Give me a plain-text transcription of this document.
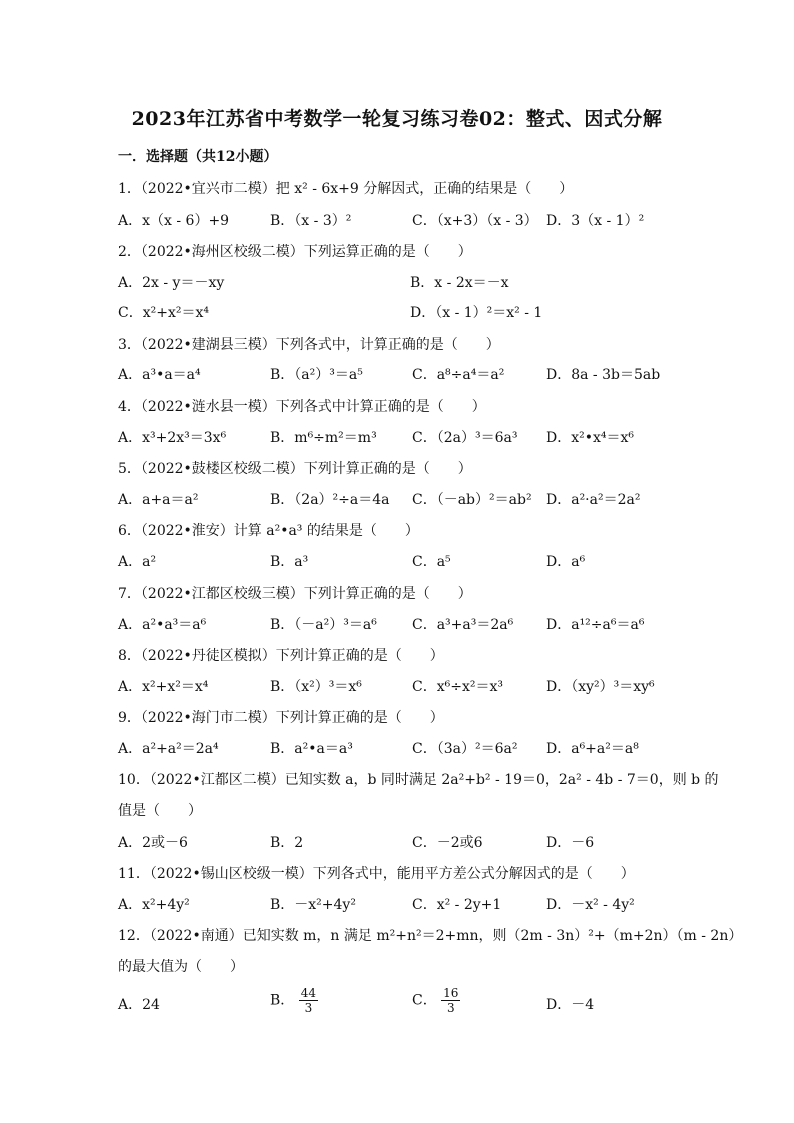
2023年江苏省中考数学一轮复习练习卷02：整式、因式分解
一．选择题（共12小题）
1．（2022•宜兴市二模）把 x² - 6x+9 分解因式，正确的结果是（　　）
A．x（x - 6）+9	B．（x - 3）²	C．（x+3）（x - 3） D．3（x - 1）²
2．（2022•海州区校级二模）下列运算正确的是（　　）
A．2x - y＝－xy	B．x - 2x＝－x
C．x²+x²＝x⁴	D．（x - 1）²＝x² - 1
3．（2022•建湖县三模）下列各式中，计算正确的是（　　）
A．a³•a＝a⁴	B．（a²）³＝a⁵	C．a⁸÷a⁴＝a²	D．8a - 3b＝5ab
4．（2022•涟水县一模）下列各式中计算正确的是（　　）
A．x³+2x³＝3x⁶	B．m⁶÷m²＝m³	C．（2a）³＝6a³ D．x²•x⁴＝x⁶
5．（2022•鼓楼区校级二模）下列计算正确的是（　　）
A．a+a＝a²	B．（2a）²÷a＝4a C．（－ab）²＝ab² D．a²·a²＝2a²
6．（2022•淮安）计算 a²•a³ 的结果是（　　）
A．a²	B．a³	C．a⁵	D．a⁶
7．（2022•江都区校级三模）下列计算正确的是（　　）
A．a²•a³＝a⁶	B．（－a²）³＝a⁶	C．a³+a³＝2a⁶ D．a¹²÷a⁶＝a⁶
8．（2022•丹徒区模拟）下列计算正确的是（　　）
A．x²+x²＝x⁴	B．（x²）³＝x⁶	C．x⁶÷x²＝x³	D．（xy²）³＝xy⁶
9．（2022•海门市二模）下列计算正确的是（　　）
A．a²+a²＝2a⁴	B．a²•a＝a³	C．（3a）²＝6a² D．a⁶+a²＝a⁸
10．（2022•江都区二模）已知实数 a，b 同时满足 2a²+b² - 19＝0，2a² - 4b - 7＝0，则 b 的
值是（　　）
A．2或－6	B．2	C．－2或6	D．－6
11．（2022•锡山区校级一模）下列各式中，能用平方差公式分解因式的是（　　）
A．x²+4y²	B．－x²+4y²	C．x² - 2y+1	D．－x² - 4y²
12．（2022•南通）已知实数 m，n 满足 m²+n²＝2+mn，则（2m - 3n）²+（m+2n）（m - 2n）
的最大值为（　　）
A．24	B． $\frac{44}{3}$	C． $\frac{16}{3}$	D．－4
